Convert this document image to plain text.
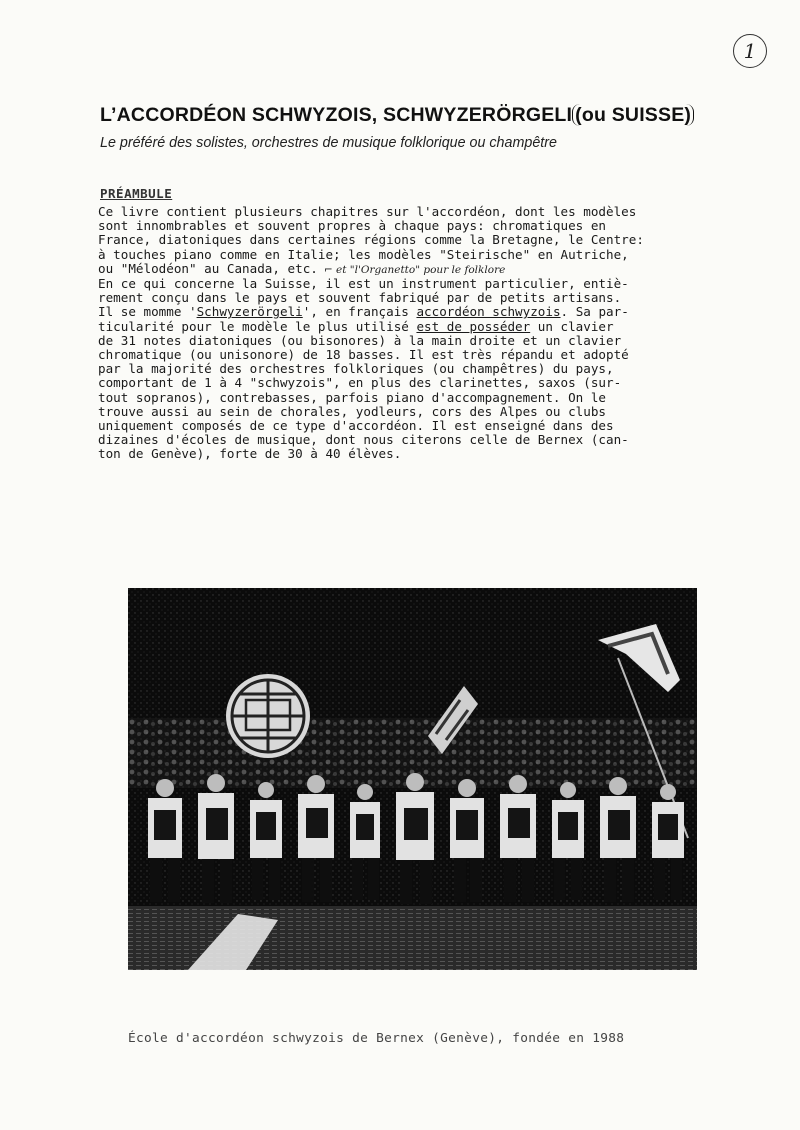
1
L’ACCORDÉON SCHWYZOIS, SCHWYZERÖRGELI (ou SUISSE)

Le préféré des solistes, orchestres de musique folklorique ou champêtre

PRÉAMBULE

Ce livre contient plusieurs chapitres sur l'accordéon, dont les modèles

sont innombrables et souvent propres à chaque pays: chromatiques en

France, diatoniques dans certaines régions comme la Bretagne, le Centre:

à touches piano comme en Italie; les modèles "Steirische" en Autriche,

ou "Mélodéon" au Canada, etc. ⌐ et "l'Organetto" pour le folklore

En ce qui concerne la Suisse, il est un instrument particulier, entiè-

rement conçu dans le pays et souvent fabriqué par de petits artisans.

Il se momme 'Schwyzerörgeli', en français accordéon schwyzois. Sa par-

ticularité pour le modèle le plus utilisé est de posséder un clavier

de 31 notes diatoniques (ou bisonores) à la main droite et un clavier

chromatique (ou unisonore) de 18 basses. Il est très répandu et adopté

par la majorité des orchestres folkloriques (ou champêtres) du pays,

comportant de 1 à 4 "schwyzois", en plus des clarinettes, saxos (sur-

tout sopranos), contrebasses, parfois piano d'accompagnement. On le

trouve aussi au sein de chorales, yodleurs, cors des Alpes ou clubs

uniquement composés de ce type d'accordéon. Il est enseigné dans des

dizaines d'écoles de musique, dont nous citerons celle de Bernex (can-

ton de Genève), forte de 30 à 40 élèves.

École d'accordéon schwyzois de Bernex (Genève), fondée en 1988
